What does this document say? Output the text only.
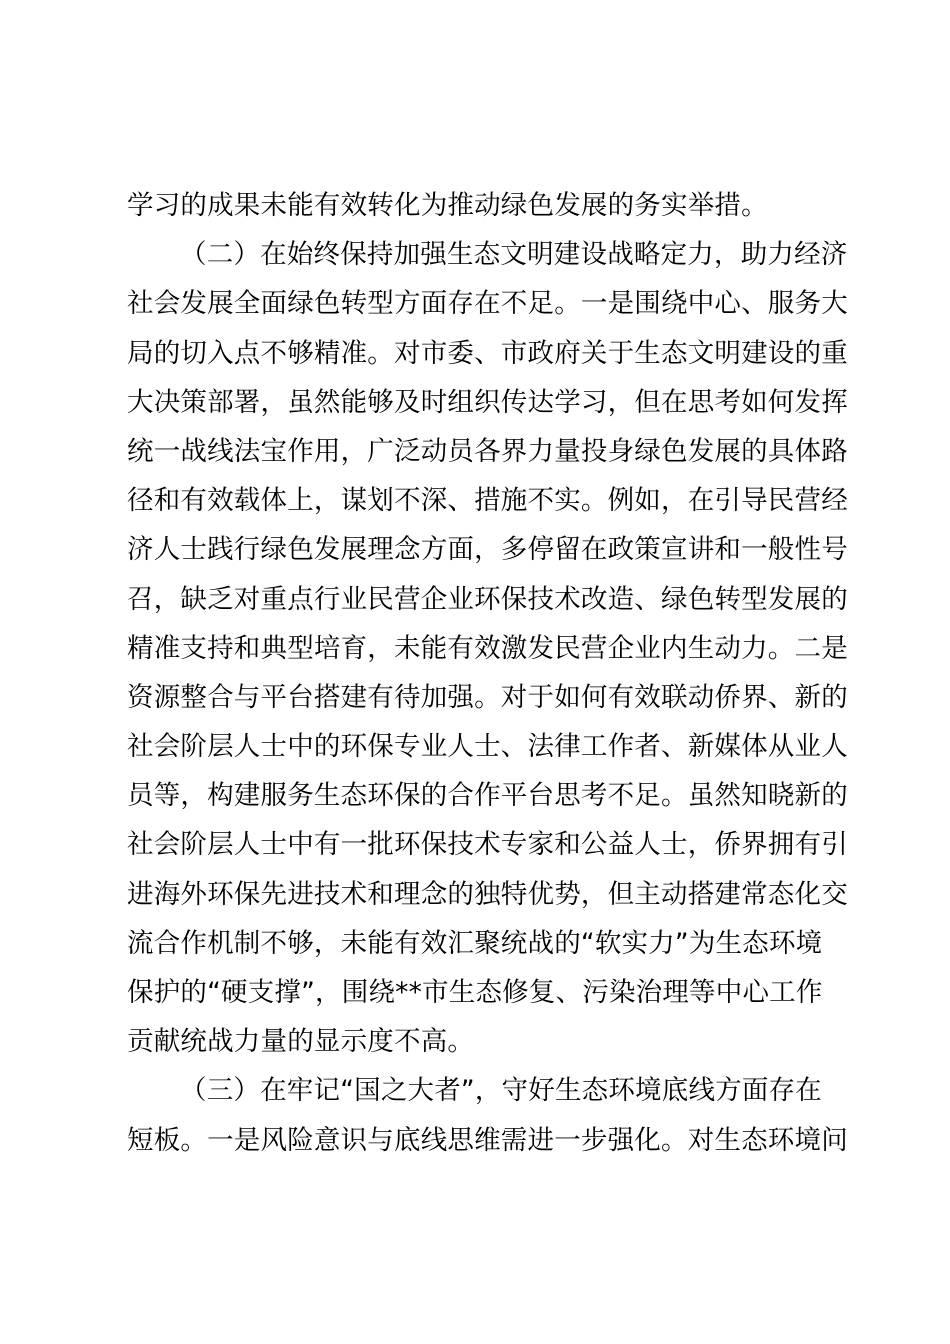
学习的成果未能有效转化为推动绿色发展的务实举措。
（二）在始终保持加强生态文明建设战略定力，助力经济
社会发展全面绿色转型方面存在不足。一是围绕中心、服务大
局的切入点不够精准。对市委、市政府关于生态文明建设的重
大决策部署，虽然能够及时组织传达学习，但在思考如何发挥
统一战线法宝作用，广泛动员各界力量投身绿色发展的具体路
径和有效载体上，谋划不深、措施不实。例如，在引导民营经
济人士践行绿色发展理念方面，多停留在政策宣讲和一般性号
召，缺乏对重点行业民营企业环保技术改造、绿色转型发展的
精准支持和典型培育，未能有效激发民营企业内生动力。二是
资源整合与平台搭建有待加强。对于如何有效联动侨界、新的
社会阶层人士中的环保专业人士、法律工作者、新媒体从业人
员等，构建服务生态环保的合作平台思考不足。虽然知晓新的
社会阶层人士中有一批环保技术专家和公益人士，侨界拥有引
进海外环保先进技术和理念的独特优势，但主动搭建常态化交
流合作机制不够，未能有效汇聚统战的“软实力”为生态环境
保护的“硬支撑”，围绕**市生态修复、污染治理等中心工作
贡献统战力量的显示度不高。
（三）在牢记“国之大者”，守好生态环境底线方面存在
短板。一是风险意识与底线思维需进一步强化。对生态环境问
